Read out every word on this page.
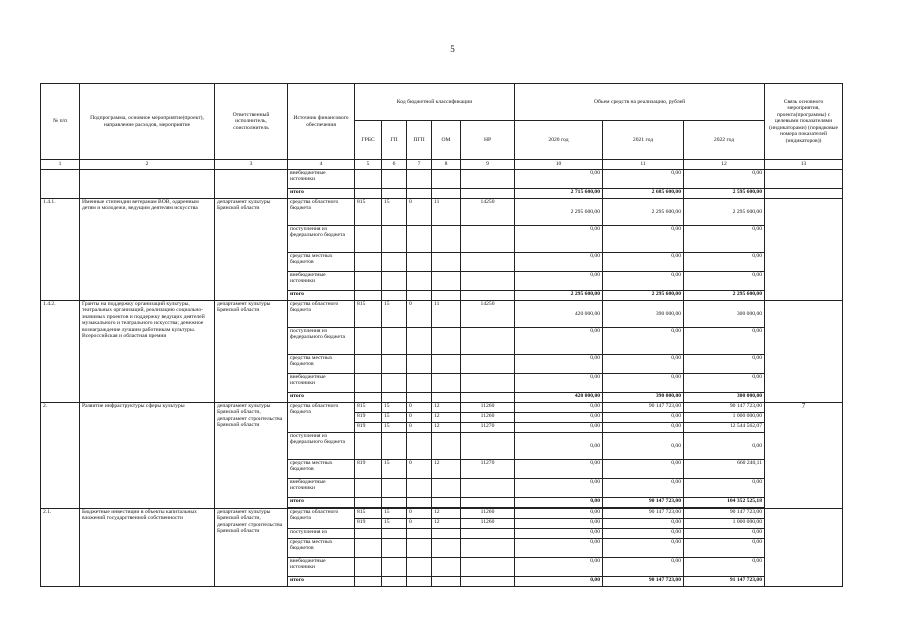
5
№ п/п	Подпрограмма, основное мероприятие(проект), направление расходов, мероприятие	Ответственный исполнитель, соисполнитель	Источник финансового обеспечения	Код бюджетной классификации					Объем средств на реализацию, рублей			Связь основного мероприятия, проекта(программы) с целевыми показателями (индикаторами) (порядковые номера показателей (индикаторов))
				ГРБС	ГП	ПГП	ОМ	НР	2020 год	2021 год	2022 год	
1	2	3	4	5	6	7	8	9	10	11	12	13
			внебюджетные источники						0,00	0,00	0,00	
			итого						2 715 600,00	2 685 600,00	2 595 600,00	
1.4.1.	Именные стипендии ветеранам ВОВ, одаренным детям и молодежи, ведущим деятелям искусства	департамент культуры Брянской области	средства областного бюджета	815	15	0	11	14250	2 295 600,00	2 295 600,00	2 295 600,00	
			поступления из федерального бюджета						0,00	0,00	0,00	
			средства местных бюджетов						0,00	0,00	0,00	
			внебюджетные источники						0,00	0,00	0,00	
			итого						2 295 600,00	2 295 600,00	2 295 600,00	
1.4.2.	Гранты на поддержку организаций культуры, театральных организаций, реализацию социально-значимых проектов и поддержку ведущих деятелей музыкального и театрального искусства; денежное вознаграждение лучшим работникам культуры. Всероссийская и областная премии	департамент культуры Брянской области	средства областного бюджета	815	15	0	11	14250	420 000,00	390 000,00	300 000,00	
			поступления из федерального бюджета						0,00	0,00	0,00	
			средства местных бюджетов						0,00	0,00	0,00	
			внебюджетные источники						0,00	0,00	0,00	
			итого						420 000,00	390 000,00	300 000,00	
2.	Развитие инфраструктуры сферы культуры	департамент культуры Брянской области, департамент строительства Брянской области	средства областного бюджета	815	15	0	12	11260	0,00	90 147 723,00	90 147 723,00	7
				819	15	0	12	11260	0,00	0,00	1 000 000,00	
				819	15	0	12	11270	0,00	0,00	12 544 562,07	
			поступления из федерального бюджета						0,00	0,00	0,00	
			средства местных бюджетов	819	15	0	12	11270	0,00	0,00	660 240,11	
			внебюджетные источники						0,00	0,00	0,00	
			итого						0,00	90 147 723,00	104 352 525,18	

2.1.	Бюджетные инвестиции в объекты капитальных вложений государственной собственности	департамент культуры Брянской области, департамент строительства Брянской области	средства областного бюджета	815	15	0	12	11260	0,00	90 147 723,00	90 147 723,00	
				819	15	0	12	11260	0,00	0,00	1 000 000,00	
			поступления из						0,00	0,00	0,00	
			средства местных бюджетов						0,00	0,00	0,00	
			внебюджетные источники						0,00	0,00	0,00	
			итого						0,00	90 147 723,00	91 147 723,00	
